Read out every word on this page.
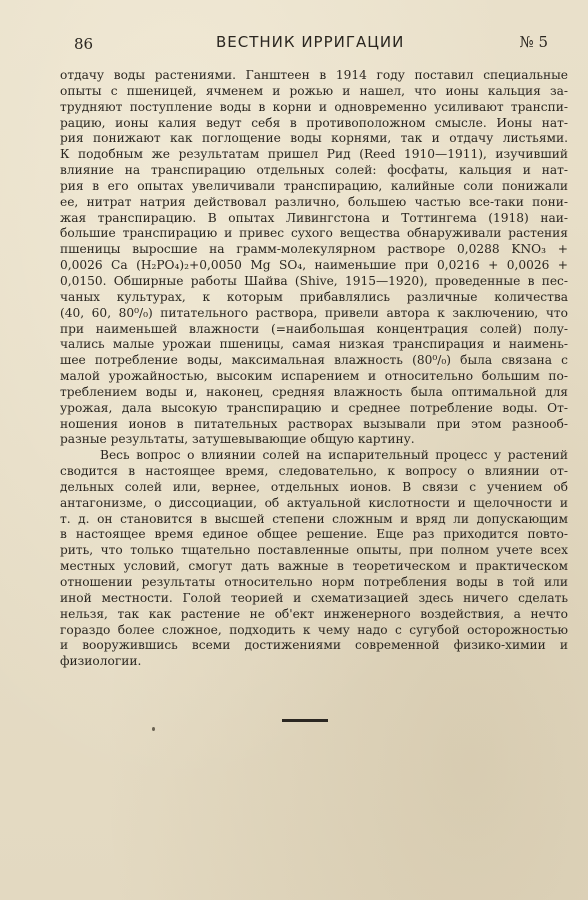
86	ВЕСТНИК ИРРИГАЦИИ	№ 5
отдачу воды растениями. Ганштеен в 1914 году поставил специальные
опыты с пшеницей, ячменем и рожью и нашел, что ионы кальция за-
трудняют поступление воды в корни и одновременно усиливают транспи-
рацию, ионы калия ведут себя в противоположном смысле. Ионы нат-
рия понижают как поглощение воды корнями, так и отдачу листьями.
К подобным же результатам пришел Рид (Reed 1910—1911), изучивший
влияние на транспирацию отдельных солей: фосфаты, кальция и нат-
рия в его опытах увеличивали транспирацию, калийные соли понижали
ее, нитрат натрия действовал различно, большею частью все-таки пони-
жая транспирацию. В опытах Ливингстона и Тоттингема (1918) наи-
большие транспирацию и привес сухого вещества обнаруживали растения
пшеницы выросшие на грамм-молекулярном растворе 0,0288 KNO₃ +
0,0026 Ca (H₂PO₄)₂+0,0050 Mg SO₄, наименьшие при 0,0216 + 0,0026 +
0,0150. Обширные работы Шайва (Shive, 1915—1920), проведенные в пес-
чаных культурах, к которым прибавлялись различные количества
(40, 60, 80⁰/₀) питательного раствора, привели автора к заключению, что
при наименьшей влажности (=наибольшая концентрация солей) полу-
чались малые урожаи пшеницы, самая низкая транспирация и наимень-
шее потребление воды, максимальная влажность (80⁰/₀) была связана с
малой урожайностью, высоким испарением и относительно большим по-
треблением воды и, наконец, средняя влажность была оптимальной для
урожая, дала высокую транспирацию и среднее потребление воды. От-
ношения ионов в питательных растворах вызывали при этом разнооб-
разные результаты, затушевывающие общую картину.
Весь вопрос о влиянии солей на испарительный процесс у растений
сводится в настоящее время, следовательно, к вопросу о влиянии от-
дельных солей или, вернее, отдельных ионов. В связи с учением об
антагонизме, о диссоциации, об актуальной кислотности и щелочности и
т. д. он становится в высшей степени сложным и вряд ли допускающим
в настоящее время единое общее решение. Еще раз приходится повто-
рить, что только тщательно поставленные опыты, при полном учете всех
местных условий, смогут дать важные в теоретическом и практическом
отношении результаты относительно норм потребления воды в той или
иной местности. Голой теорией и схематизацией здесь ничего сделать
нельзя, так как растение не об'ект инженерного воздействия, а нечто
гораздо более сложное, подходить к чему надо с сугубой осторожностью
и вооружившись всеми достижениями современной физико-химии и
физиологии.
